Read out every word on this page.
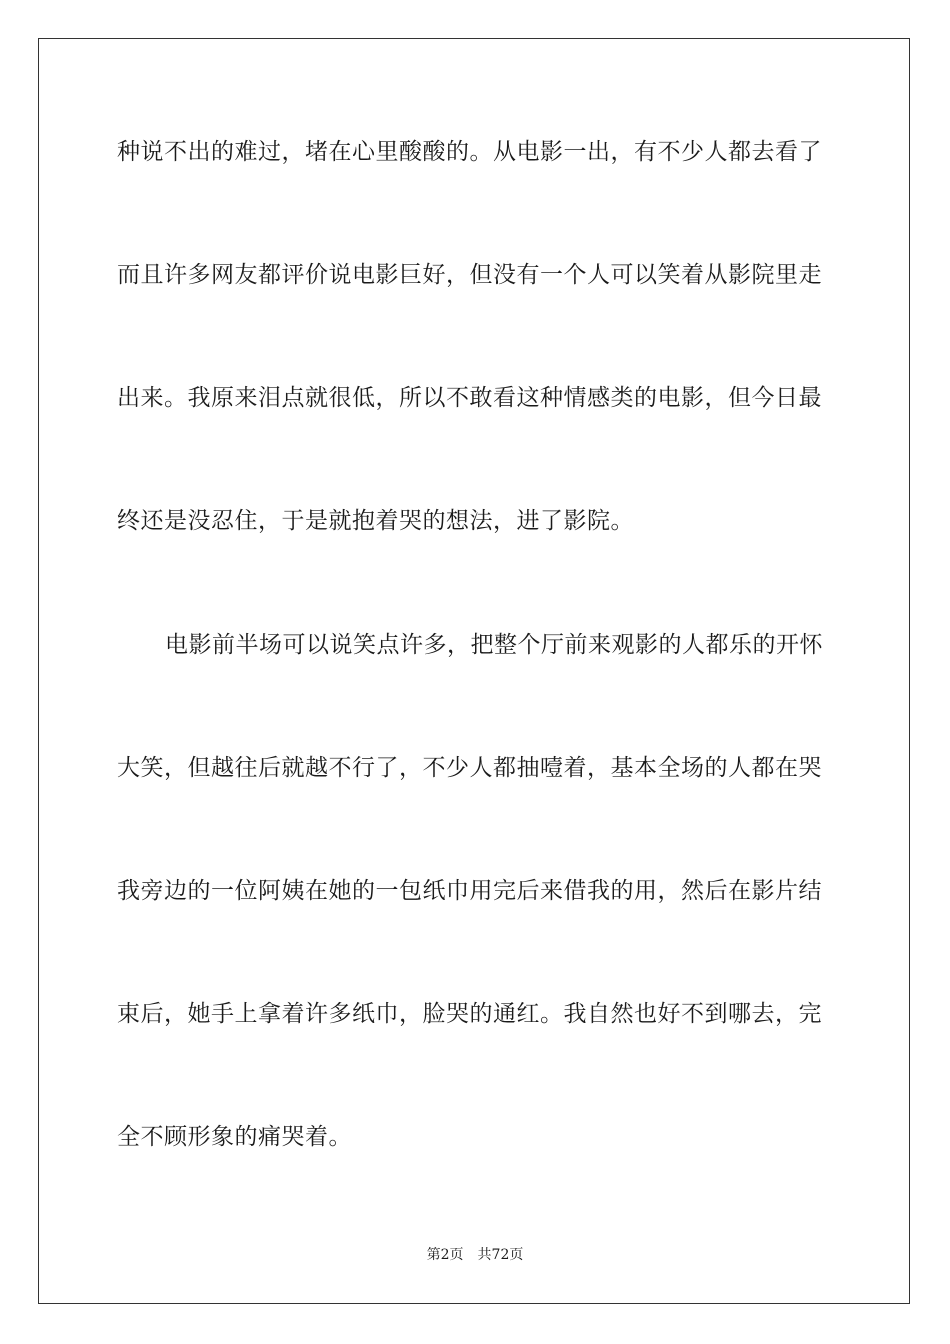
种说不出的难过，堵在心里酸酸的。从电影一出，有不少人都去看了
而且许多网友都评价说电影巨好，但没有一个人可以笑着从影院里走
出来。我原来泪点就很低，所以不敢看这种情感类的电影，但今日最
终还是没忍住，于是就抱着哭的想法，进了影院。
电影前半场可以说笑点许多，把整个厅前来观影的人都乐的开怀
大笑，但越往后就越不行了，不少人都抽噎着，基本全场的人都在哭
我旁边的一位阿姨在她的一包纸巾用完后来借我的用，然后在影片结
束后，她手上拿着许多纸巾，脸哭的通红。我自然也好不到哪去，完
全不顾形象的痛哭着。
第2页 共72页
